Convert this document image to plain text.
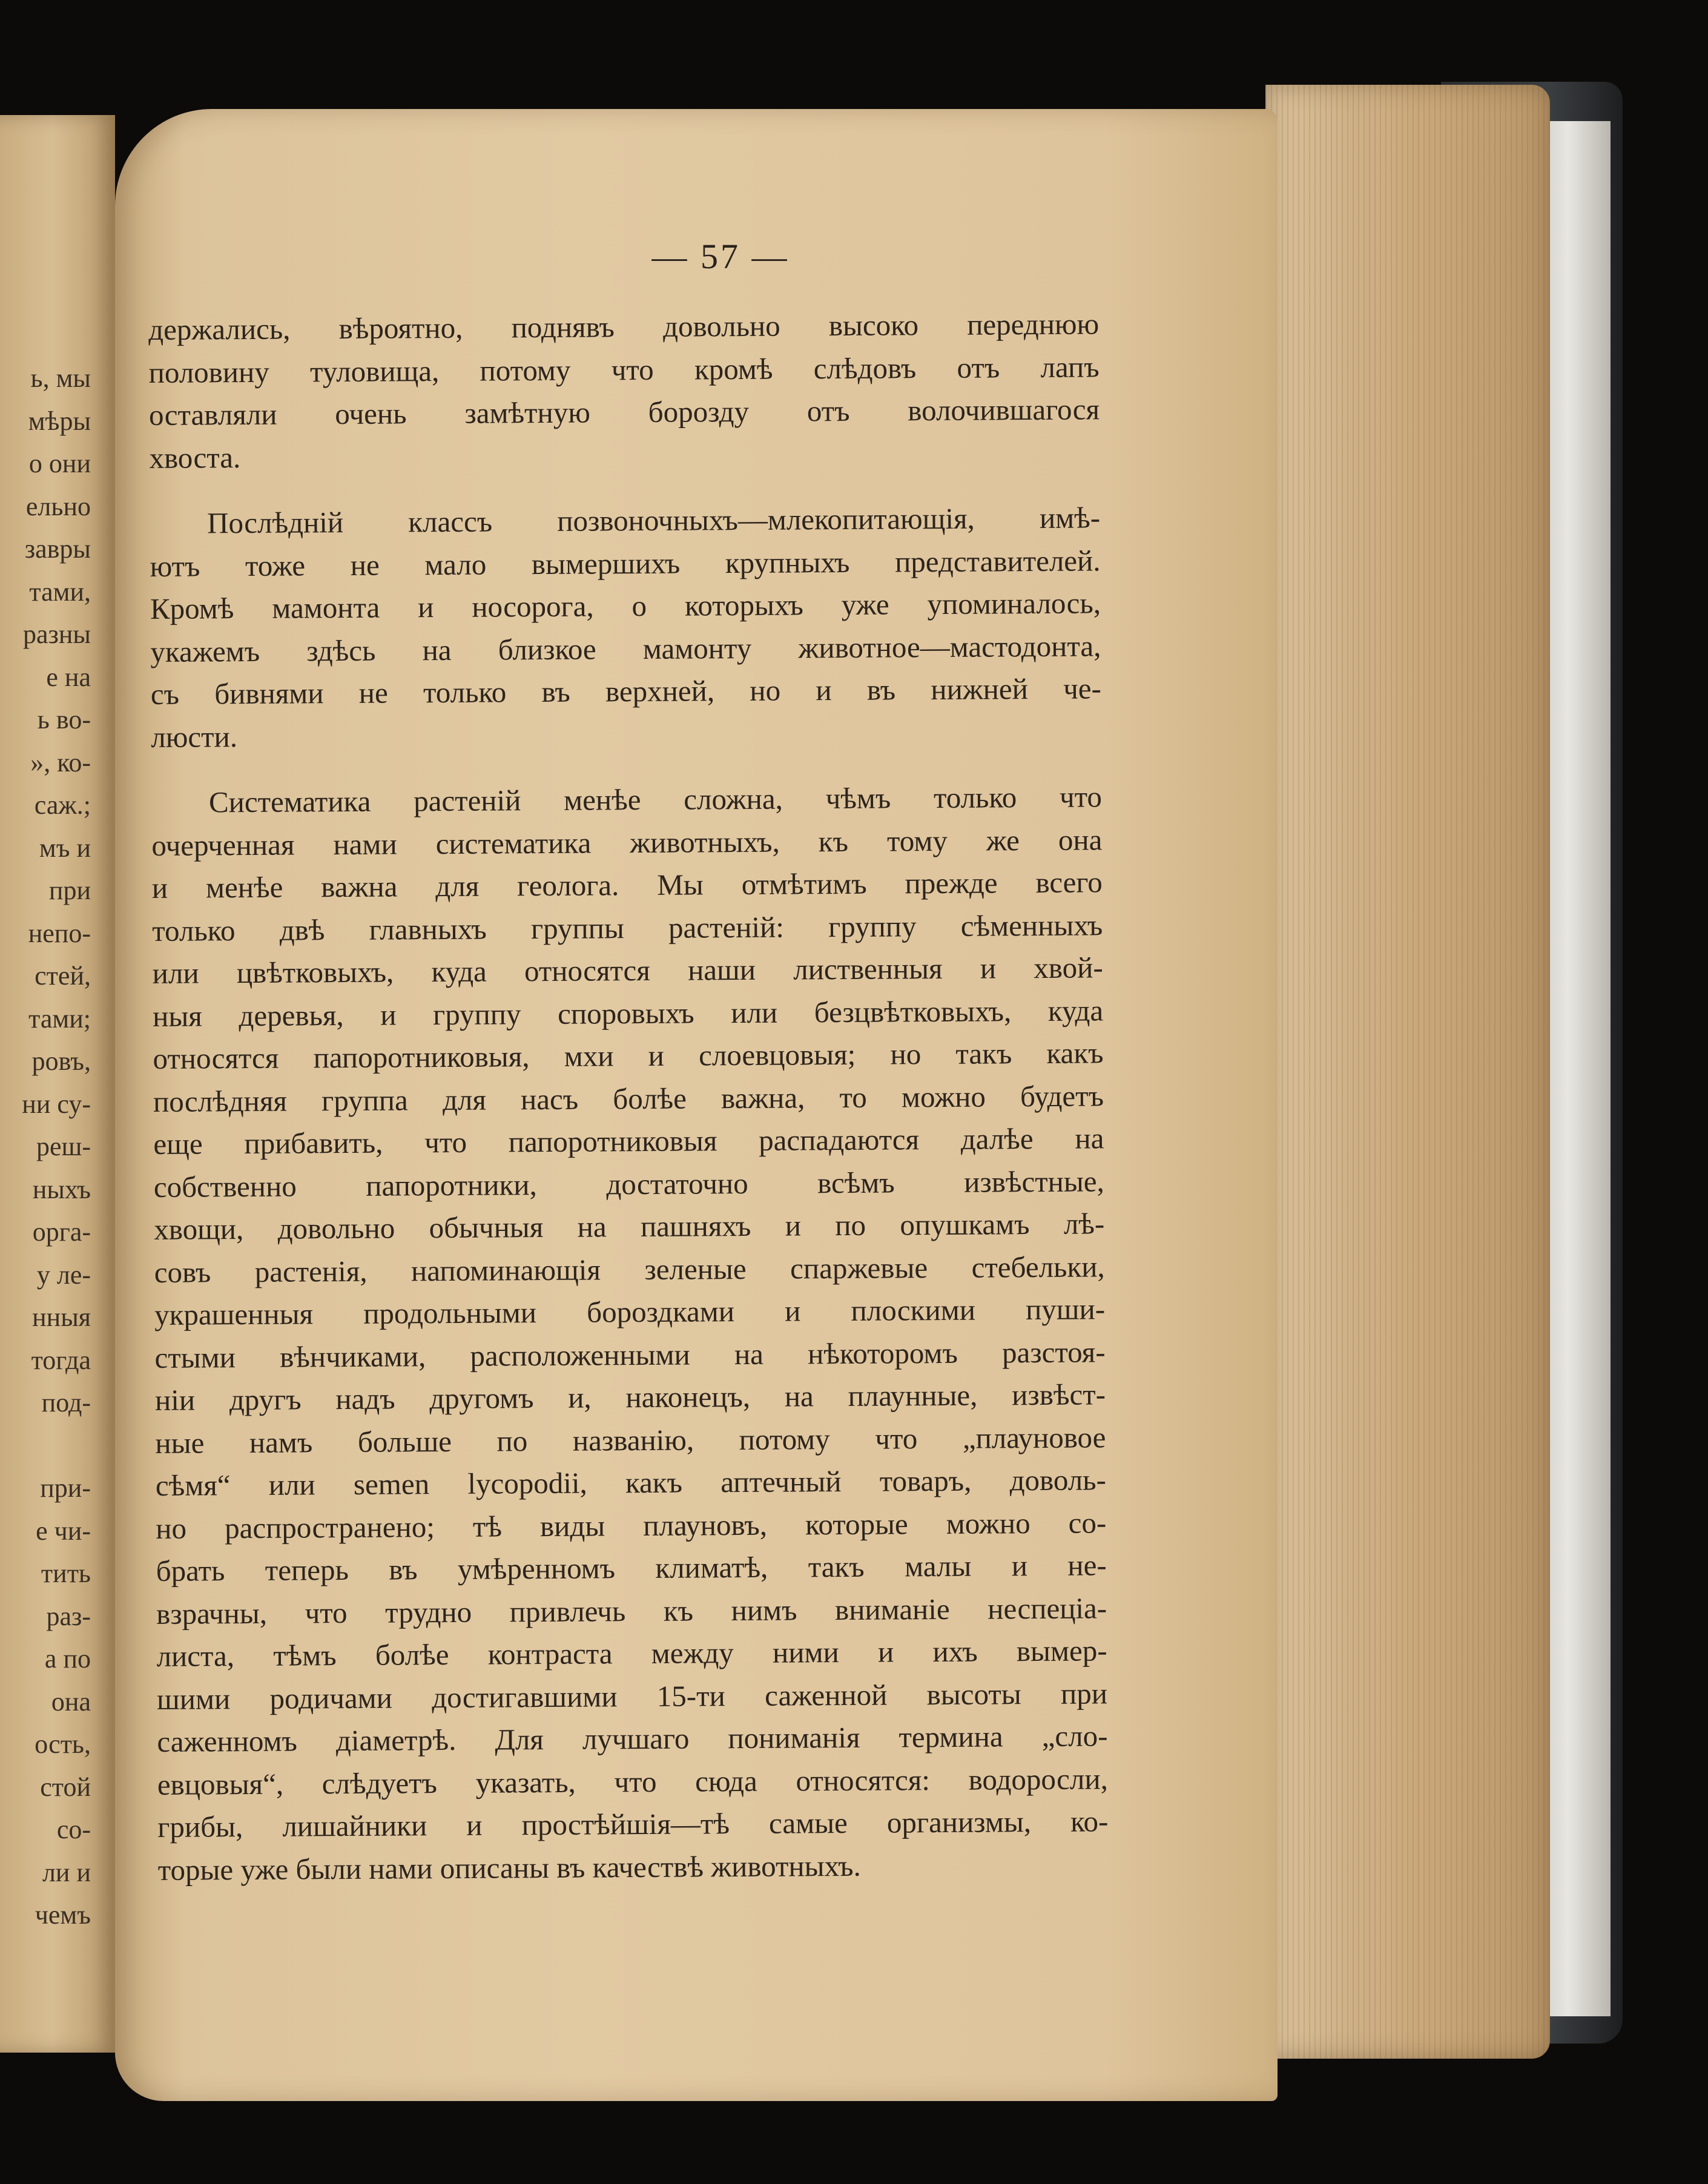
ь, мы
мѣры
о они
ельно
завры
тами,
разны
е на
ь во-
», ко-
саж.;
мъ и
при
непо-
стей,
тами;
ровъ,
ни су-
реш-
ныхъ
орга-
у ле-
нныя
тогда
под-
при-
е чи-
тить
раз-
а по
она
ость,
стой
со-
ли и
чемъ
— 57 —
держались, вѣроятно, поднявъ довольно высоко переднюю
половину туловища, потому что кромѣ слѣдовъ отъ лапъ
оставляли очень замѣтную борозду отъ волочившагося
хвоста.
Послѣдній классъ позвоночныхъ—млекопитающія, имѣ-
ютъ тоже не мало вымершихъ крупныхъ представителей.
Кромѣ мамонта и носорога, о которыхъ уже упоминалось,
укажемъ здѣсь на близкое мамонту животное—мастодонта,
съ бивнями не только въ верхней, но и въ нижней че-
люсти.
Систематика растеній менѣе сложна, чѣмъ только что
очерченная нами систематика животныхъ, къ тому же она
и менѣе важна для геолога. Мы отмѣтимъ прежде всего
только двѣ главныхъ группы растеній: группу сѣменныхъ
или цвѣтковыхъ, куда относятся наши лиственныя и хвой-
ныя деревья, и группу споровыхъ или безцвѣтковыхъ, куда
относятся папоротниковыя, мхи и слоевцовыя; но такъ какъ
послѣдняя группа для насъ болѣе важна, то можно будетъ
еще прибавить, что папоротниковыя распадаются далѣе на
собственно папоротники, достаточно всѣмъ извѣстные,
хвощи, довольно обычныя на пашняхъ и по опушкамъ лѣ-
совъ растенія, напоминающія зеленые спаржевые стебельки,
украшенныя продольными бороздками и плоскими пуши-
стыми вѣнчиками, расположенными на нѣкоторомъ разстоя-
ніи другъ надъ другомъ и, наконецъ, на плаунные, извѣст-
ные намъ больше по названію, потому что „плауновое
сѣмя“ или semen lycopodii, какъ аптечный товаръ, доволь-
но распространено; тѣ виды плауновъ, которые можно со-
брать теперь въ умѣренномъ климатѣ, такъ малы и не-
взрачны, что трудно привлечь къ нимъ вниманіе неспеціа-
листа, тѣмъ болѣе контраста между ними и ихъ вымер-
шими родичами достигавшими 15-ти саженной высоты при
саженномъ діаметрѣ. Для лучшаго пониманія термина „сло-
евцовыя“, слѣдуетъ указать, что сюда относятся: водоросли,
грибы, лишайники и простѣйшія—тѣ самые организмы, ко-
торые уже были нами описаны въ качествѣ животныхъ.
